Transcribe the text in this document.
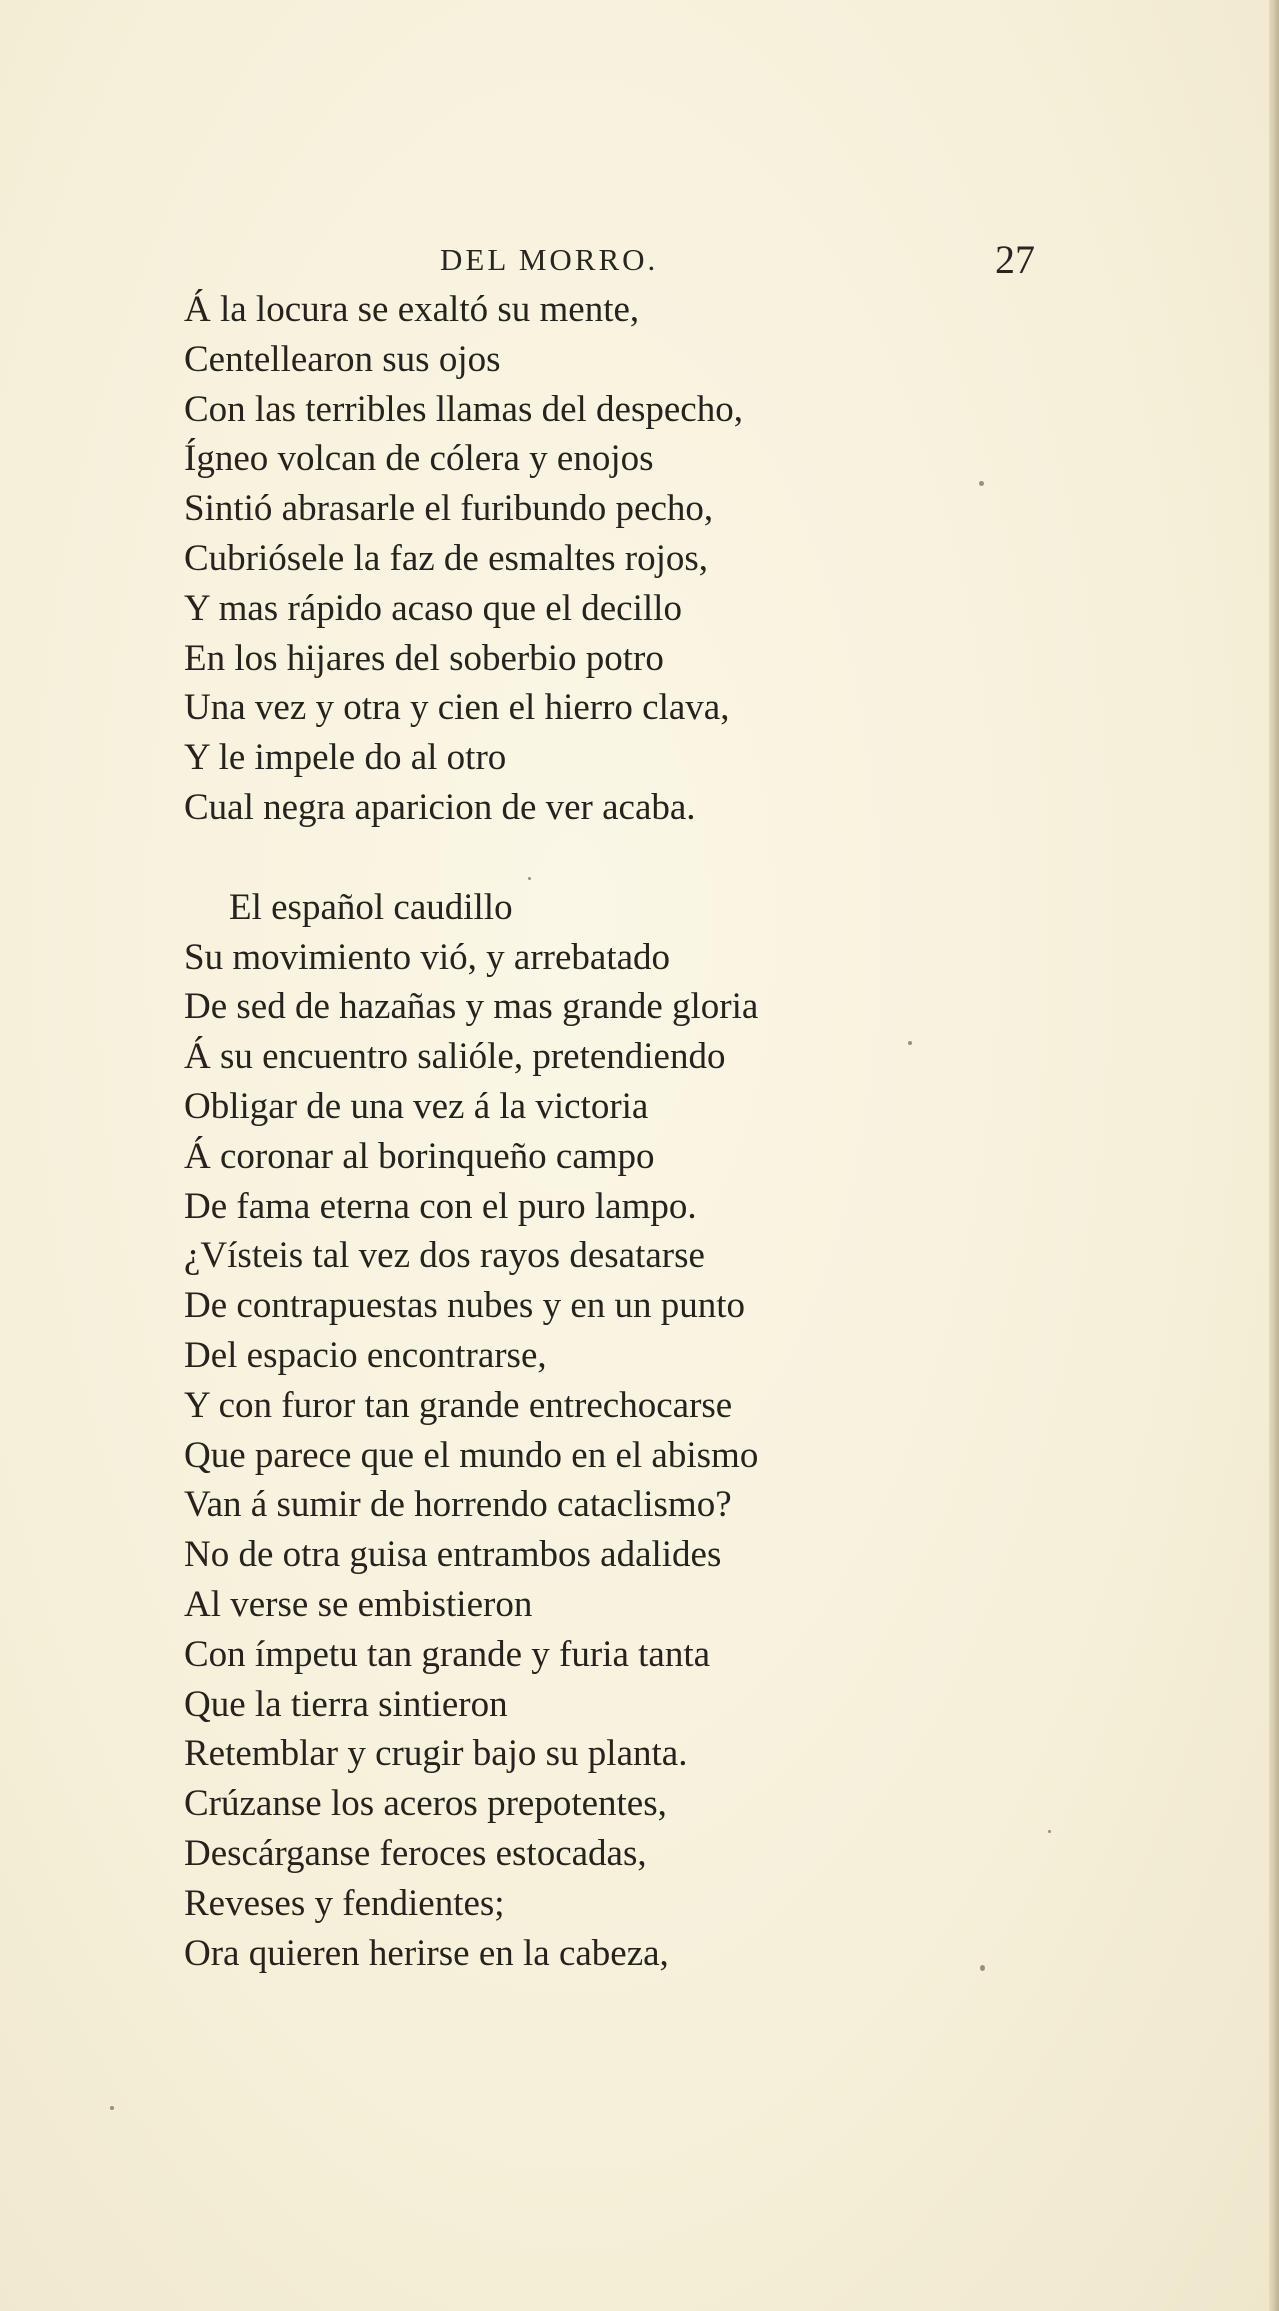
DEL MORRO.	27
Á la locura se exaltó su mente,
Centellearon sus ojos
Con las terribles llamas del despecho,
Ígneo volcan de cólera y enojos
Sintió abrasarle el furibundo pecho,
Cubriósele la faz de esmaltes rojos,
Y mas rápido acaso que el decillo
En los hijares del soberbio potro
Una vez y otra y cien el hierro clava,
Y le impele do al otro
Cual negra aparicion de ver acaba.
El español caudillo
Su movimiento vió, y arrebatado
De sed de hazañas y mas grande gloria
Á su encuentro salióle, pretendiendo
Obligar de una vez á la victoria
Á coronar al borinqueño campo
De fama eterna con el puro lampo.
¿Vísteis tal vez dos rayos desatarse
De contrapuestas nubes y en un punto
Del espacio encontrarse,
Y con furor tan grande entrechocarse
Que parece que el mundo en el abismo
Van á sumir de horrendo cataclismo?
No de otra guisa entrambos adalides
Al verse se embistieron
Con ímpetu tan grande y furia tanta
Que la tierra sintieron
Retemblar y crugir bajo su planta.
Crúzanse los aceros prepotentes,
Descárganse feroces estocadas,
Reveses y fendientes;
Ora quieren herirse en la cabeza,
